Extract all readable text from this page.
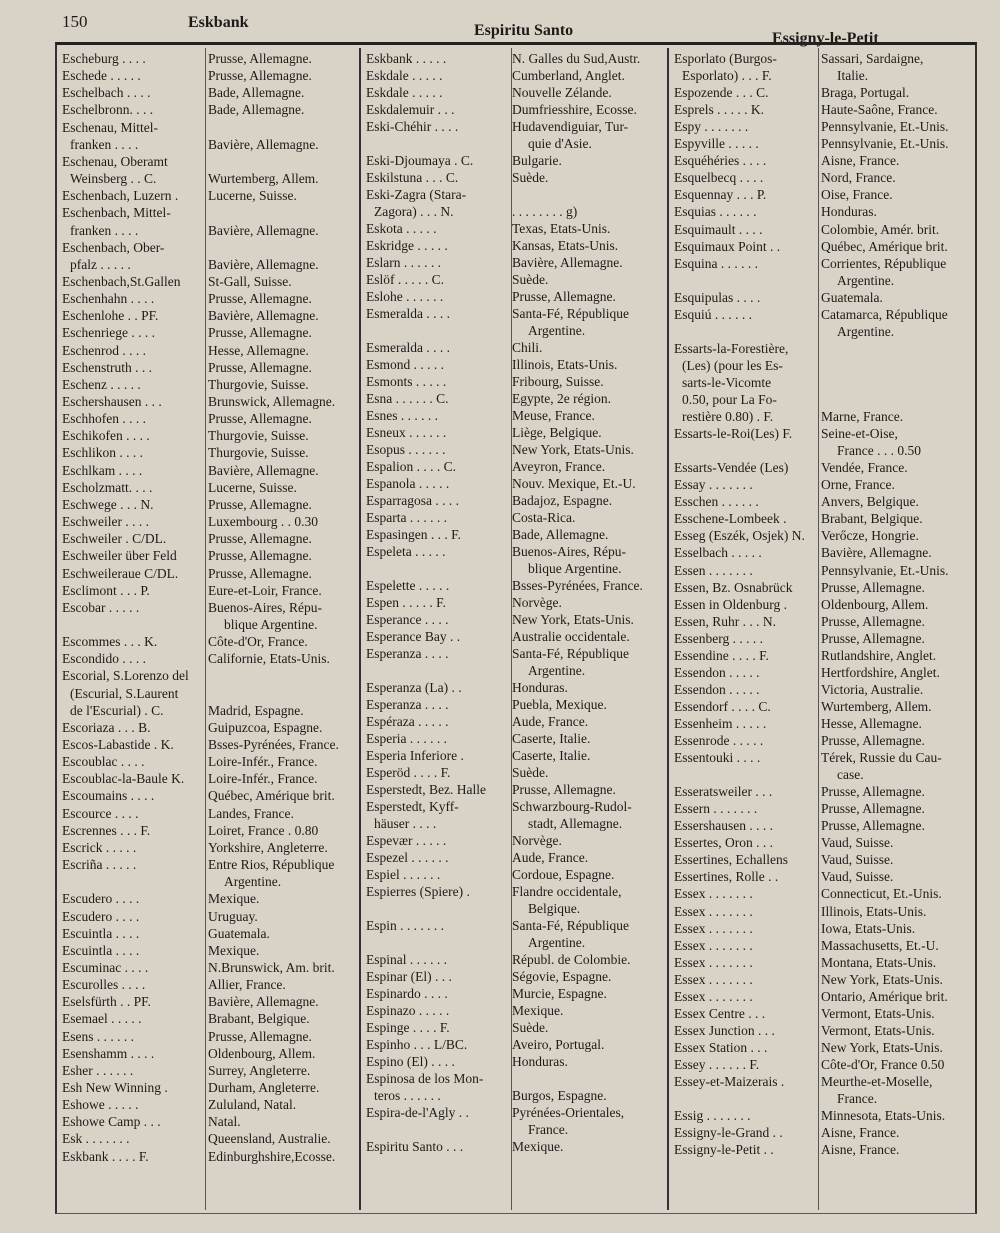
150	Eskbank	Espiritu Santo	Essigny-le-Petit
Escheburg . . . .	Prusse, Allemagne.
Eschede . . . . .	Prusse, Allemagne.
Eschelbach . . . .	Bade, Allemagne.
Eschelbronn. . . .	Bade, Allemagne.
Eschenau, Mittel-
franken . . . .	Bavière, Allemagne.
Eschenau, Oberamt
Weinsberg . . C.	Wurtemberg, Allem.
Eschenbach, Luzern .	Lucerne, Suisse.
Eschenbach, Mittel-
franken . . . .	Bavière, Allemagne.
Eschenbach, Ober-
pfalz . . . . .	Bavière, Allemagne.
Eschenbach,St.Gallen	St-Gall, Suisse.
Eschenhahn . . . .	Prusse, Allemagne.
Eschenlohe . . PF.	Bavière, Allemagne.
Eschenriege . . . .	Prusse, Allemagne.
Eschenrod . . . .	Hesse, Allemagne.
Eschenstruth . . .	Prusse, Allemagne.
Eschenz . . . . .	Thurgovie, Suisse.
Eschershausen . . .	Brunswick, Allemagne.
Eschhofen . . . .	Prusse, Allemagne.
Eschikofen . . . .	Thurgovie, Suisse.
Eschlikon . . . .	Thurgovie, Suisse.
Eschlkam . . . .	Bavière, Allemagne.
Escholzmatt. . . .	Lucerne, Suisse.
Eschwege . . . N.	Prusse, Allemagne.
Eschweiler . . . .	Luxembourg . . 0.30
Eschweiler . C/DL.	Prusse, Allemagne.
Eschweiler über Feld	Prusse, Allemagne.
Eschweileraue C/DL.	Prusse, Allemagne.
Esclimont . . . P.	Eure-et-Loir, France.
Escobar . . . . .	Buenos-Aires, Répu-
blique Argentine.
Escommes . . . K.	Côte-d'Or, France.
Escondido . . . .	Californie, Etats-Unis.
Escorial, S.Lorenzo del
(Escurial, S.Laurent
de l'Escurial) . C.	Madrid, Espagne.
Escoriaza . . . B.	Guipuzcoa, Espagne.
Escos-Labastide . K.	Bsses-Pyrénées, France.
Escoublac . . . .	Loire-Infér., France.
Escoublac-la-Baule K.	Loire-Infér., France.
Escoumains . . . .	Québec, Amérique brit.
Escource . . . .	Landes, France.
Escrennes . . . F.	Loiret, France . 0.80
Escrick . . . . .	Yorkshire, Angleterre.
Escriña . . . . .	Entre Rios, République
Argentine.
Escudero . . . .	Mexique.
Escudero . . . .	Uruguay.
Escuintla . . . .	Guatemala.
Escuintla . . . .	Mexique.
Escuminac . . . .	N.Brunswick, Am. brit.
Escurolles . . . .	Allier, France.
Eselsfürth . . PF.	Bavière, Allemagne.
Esemael . . . . .	Brabant, Belgique.
Esens . . . . . .	Prusse, Allemagne.
Esenshamm . . . .	Oldenbourg, Allem.
Esher . . . . . .	Surrey, Angleterre.
Esh New Winning .	Durham, Angleterre.
Eshowe . . . . .	Zululand, Natal.
Eshowe Camp . . .	Natal.
Esk . . . . . . .	Queensland, Australie.
Eskbank . . . . F.	Edinburghshire,Ecosse.
Eskbank . . . . .	N. Galles du Sud,Austr.
Eskdale . . . . .	Cumberland, Anglet.
Eskdale . . . . .	Nouvelle Zélande.
Eskdalemuir . . .	Dumfriesshire, Ecosse.
Eski-Chéhir . . . .	Hudavendiguiar, Tur-
quie d'Asie.
Eski-Djoumaya . C.	Bulgarie.
Eskilstuna . . . C.	Suède.
Eski-Zagra (Stara-
Zagora) . . . N.	. . . . . . . . g)
Eskota . . . . .	Texas, Etats-Unis.
Eskridge . . . . .	Kansas, Etats-Unis.
Eslarn . . . . . .	Bavière, Allemagne.
Eslöf . . . . . C.	Suède.
Eslohe . . . . . .	Prusse, Allemagne.
Esmeralda . . . .	Santa-Fé, République
Argentine.
Esmeralda . . . .	Chili.
Esmond . . . . .	Illinois, Etats-Unis.
Esmonts . . . . .	Fribourg, Suisse.
Esna . . . . . . C.	Egypte, 2e région.
Esnes . . . . . .	Meuse, France.
Esneux . . . . . .	Liège, Belgique.
Esopus . . . . . .	New York, Etats-Unis.
Espalion . . . . C.	Aveyron, France.
Espanola . . . . .	Nouv. Mexique, Et.-U.
Esparragosa . . . .	Badajoz, Espagne.
Esparta . . . . . .	Costa-Rica.
Espasingen . . . F.	Bade, Allemagne.
Espeleta . . . . .	Buenos-Aires, Répu-
blique Argentine.
Espelette . . . . .	Bsses-Pyrénées, France.
Espen . . . . . F.	Norvège.
Esperance . . . .	New York, Etats-Unis.
Esperance Bay . .	Australie occidentale.
Esperanza . . . .	Santa-Fé, République
Argentine.
Esperanza (La) . .	Honduras.
Esperanza . . . .	Puebla, Mexique.
Espéraza . . . . .	Aude, France.
Esperia . . . . . .	Caserte, Italie.
Esperia Inferiore .	Caserte, Italie.
Esperöd . . . . F.	Suède.
Esperstedt, Bez. Halle	Prusse, Allemagne.
Esperstedt, Kyff-	Schwarzbourg-Rudol-
häuser . . . .	stadt, Allemagne.
Espevær . . . . .	Norvège.
Espezel . . . . . .	Aude, France.
Espiel . . . . . .	Cordoue, Espagne.
Espierres (Spiere) .	Flandre occidentale,
Belgique.
Espin . . . . . . .	Santa-Fé, République
Argentine.
Espinal . . . . . .	Républ. de Colombie.
Espinar (El) . . .	Ségovie, Espagne.
Espinardo . . . .	Murcie, Espagne.
Espinazo . . . . .	Mexique.
Espinge . . . . F.	Suède.
Espinho . . . L/BC.	Aveiro, Portugal.
Espino (El) . . . .	Honduras.
Espinosa de los Mon-
teros . . . . . .	Burgos, Espagne.
Espira-de-l'Agly . .	Pyrénées-Orientales,
France.
Espiritu Santo . . .	Mexique.
Esporlato (Burgos-	Sassari, Sardaigne,
Esporlato) . . . F.	Italie.
Espozende . . . C.	Braga, Portugal.
Esprels . . . . . K.	Haute-Saône, France.
Espy . . . . . . .	Pennsylvanie, Et.-Unis.
Espyville . . . . .	Pennsylvanie, Et.-Unis.
Esquéhéries . . . .	Aisne, France.
Esquelbecq . . . .	Nord, France.
Esquennay . . . P.	Oise, France.
Esquias . . . . . .	Honduras.
Esquimault . . . .	Colombie, Amér. brit.
Esquimaux Point . .	Québec, Amérique brit.
Esquina . . . . . .	Corrientes, République
Argentine.
Esquipulas . . . .	Guatemala.
Esquiú . . . . . .	Catamarca, République
Argentine.
Essarts-la-Forestière,
(Les) (pour les Es-
sarts-le-Vicomte
0.50, pour La Fo-
restière 0.80) . F.	Marne, France.
Essarts-le-Roi(Les) F.	Seine-et-Oise,
France . . . 0.50
Essarts-Vendée (Les)	Vendée, France.
Essay . . . . . . .	Orne, France.
Esschen . . . . . .	Anvers, Belgique.
Esschene-Lombeek .	Brabant, Belgique.
Esseg (Eszék, Osjek) N.	Verőcze, Hongrie.
Esselbach . . . . .	Bavière, Allemagne.
Essen . . . . . . .	Pennsylvanie, Et.-Unis.
Essen, Bz. Osnabrück	Prusse, Allemagne.
Essen in Oldenburg .	Oldenbourg, Allem.
Essen, Ruhr . . . N.	Prusse, Allemagne.
Essenberg . . . . .	Prusse, Allemagne.
Essendine . . . . F.	Rutlandshire, Anglet.
Essendon . . . . .	Hertfordshire, Anglet.
Essendon . . . . .	Victoria, Australie.
Essendorf . . . . C.	Wurtemberg, Allem.
Essenheim . . . . .	Hesse, Allemagne.
Essenrode . . . . .	Prusse, Allemagne.
Essentouki . . . .	Térek, Russie du Cau-
case.
Esseratsweiler . . .	Prusse, Allemagne.
Essern . . . . . . .	Prusse, Allemagne.
Essershausen . . . .	Prusse, Allemagne.
Essertes, Oron . . .	Vaud, Suisse.
Essertines, Echallens	Vaud, Suisse.
Essertines, Rolle . .	Vaud, Suisse.
Essex . . . . . . .	Connecticut, Et.-Unis.
Essex . . . . . . .	Illinois, Etats-Unis.
Essex . . . . . . .	Iowa, Etats-Unis.
Essex . . . . . . .	Massachusetts, Et.-U.
Essex . . . . . . .	Montana, Etats-Unis.
Essex . . . . . . .	New York, Etats-Unis.
Essex . . . . . . .	Ontario, Amérique brit.
Essex Centre . . .	Vermont, Etats-Unis.
Essex Junction . . .	Vermont, Etats-Unis.
Essex Station . . .	New York, Etats-Unis.
Essey . . . . . . F.	Côte-d'Or, France 0.50
Essey-et-Maizerais .	Meurthe-et-Moselle,
France.
Essig . . . . . . .	Minnesota, Etats-Unis.
Essigny-le-Grand . .	Aisne, France.
Essigny-le-Petit . .	Aisne, France.
